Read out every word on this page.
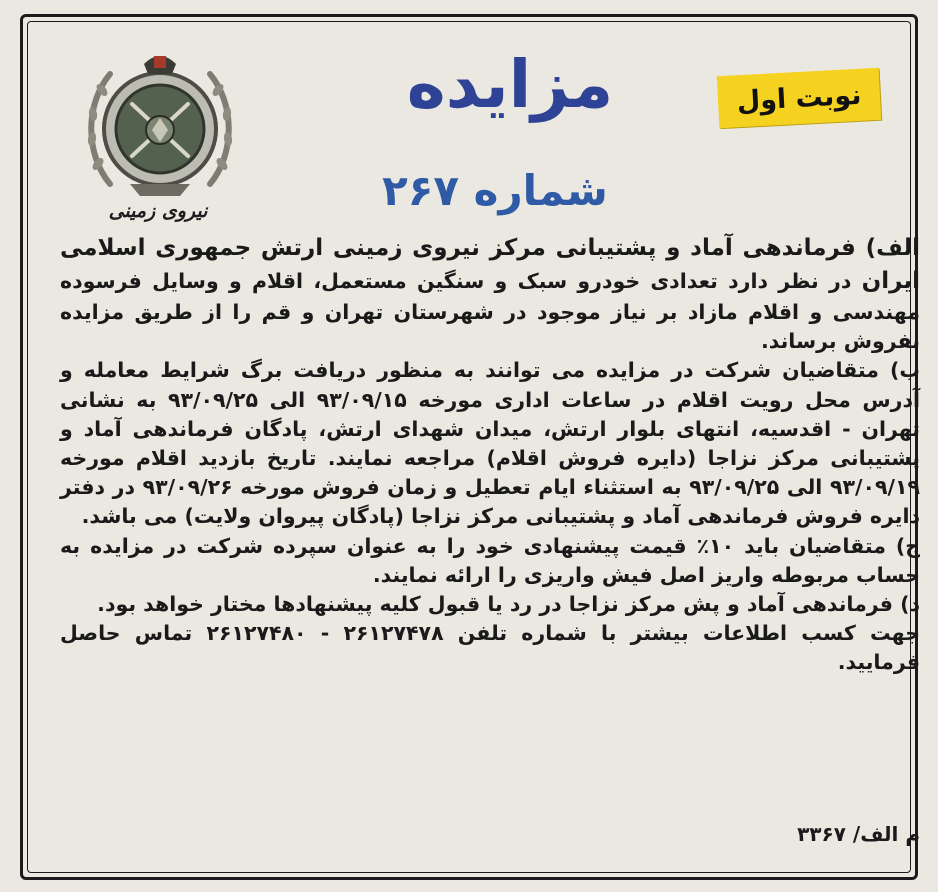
نیروی زمینی
نوبت اول
مزایده
شماره ۲۶۷

الف) فرماندهی آماد و پشتیبانی مرکز نیروی زمینی ارتش جمهوری اسلامی ایران در نظر دارد تعدادی خودرو سبک و سنگین مستعمل، اقلام و وسایل فرسوده مهندسی و اقلام مازاد بر نیاز موجود در شهرستان تهران و قم را از طریق مزایده بفروش برساند.

ب) متقاضیان شرکت در مزایده می توانند به منظور دریافت برگ شرایط معامله و آدرس محل رویت اقلام در ساعات اداری مورخه ۹۳/۰۹/۱۵ الی ۹۳/۰۹/۲۵ به نشانی تهران - اقدسیه، انتهای بلوار ارتش، میدان شهدای ارتش، پادگان فرماندهی آماد و پشتیبانی مرکز نزاجا (دایره فروش اقلام) مراجعه نمایند. تاریخ بازدید اقلام مورخه ۹۳/۰۹/۱۹ الی ۹۳/۰۹/۲۵ به استثناء ایام تعطیل و زمان فروش مورخه ۹۳/۰۹/۲۶ در دفتر دایره فروش فرماندهی آماد و پشتیبانی مرکز نزاجا (پادگان پیروان ولایت) می باشد.

ج) متقاضیان باید ۱۰٪ قیمت پیشنهادی خود را به عنوان سپرده شرکت در مزایده به حساب مربوطه واریز اصل فیش واریزی را ارائه نمایند.

د) فرماندهی آماد و پش مرکز نزاجا در رد یا قبول کلیه پیشنهادها مختار خواهد بود.

جهت کسب اطلاعات بیشتر با شماره تلفن ۲۶۱۲۷۴۷۸ - ۲۶۱۲۷۴۸۰ تماس حاصل فرمایید.

م الف/ ۳۳۶۷
